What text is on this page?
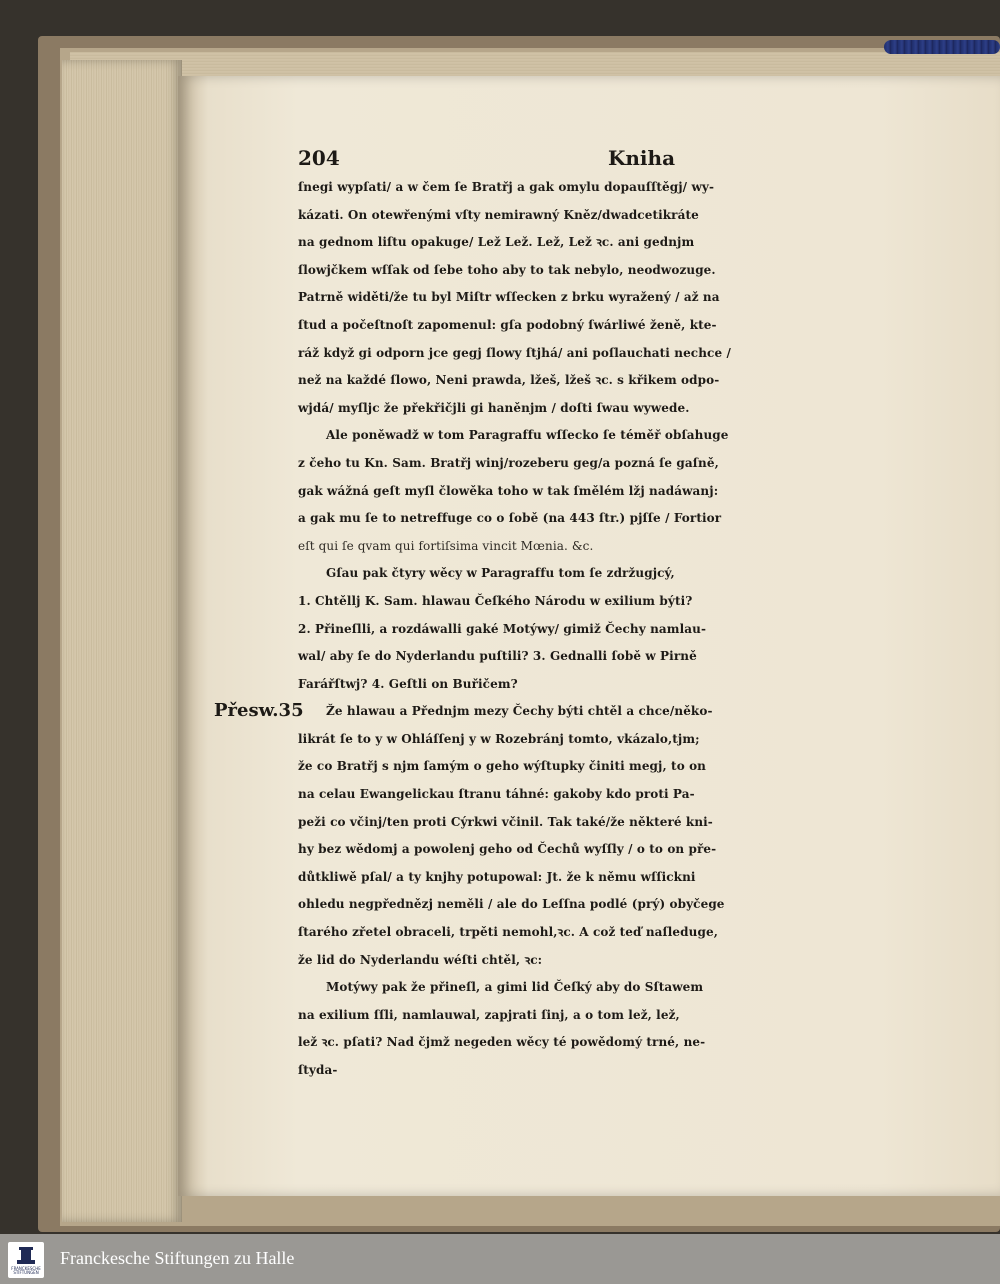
204	Kniha
ſnegi wypſati/ a w čem ſe Bratřj a gak omylu dopauſſtěgj/ wy-
kázati. On otewřenými vſty nemirawný Kněz/dwadcetikráte
na gednom liſtu opakuge/ Lež Lež. Lež, Lež ꝛc. ani gednjm
ſlowjčkem wſſak od ſebe toho aby to tak nebylo, neodwozuge.
Patrně widěti/že tu byl Miſtr wſſecken z brku wyražený / až na
ſtud a počeſtnoſt zapomenul: gſa podobný ſwárliwé ženě, kte-
ráž když gi odporn jce gegj ſlowy ſtjhá/ ani poſlauchati nechce /
než na každé ſlowo, Neni prawda, lžeš, lžeš ꝛc. s křikem odpo-
wjdá/ myſljc že překřičjli gi haněnjm / doſti ſwau wywede.
Ale poněwadž w tom Paragraffu wſſecko ſe téměř obſahuge
z čeho tu Kn. Sam. Bratřj winj/rozeberu geg/a pozná ſe gaſně,
gak wážná geſt myſl člowěka toho w tak ſmělém lžj nadáwanj:
a gak mu ſe to netreffuge co o ſobě (na 443 ſtr.) pjſſe / Fortior
eſt qui ſe qvam qui fortiſsima vincit Mœnia. &c.
Gſau pak čtyry wěcy w Paragraffu tom ſe zdržugjcý,
1. Chtěllj K. Sam. hlawau Čeſkého Národu w exilium býti?
2. Přineſlli, a rozdáwalli gaké Motýwy/ gimiž Čechy namlau-
wal/ aby ſe do Nyderlandu puſtili? 3. Gednalli ſobě w Pirně
Farářſtwj? 4. Geſtli on Buřičem?
Že hlawau a Přednjm mezy Čechy býti chtěl a chce/něko-
likrát ſe to y w Ohláſſenj y w Rozebránj tomto, vkázalo,tjm;
že co Bratřj s njm ſamým o geho wýſtupky činiti megj, to on
na celau Ewangelickau ſtranu táhné: gakoby kdo proti Pa-
peži co včinj/ten proti Cýrkwi včinil. Tak také/že některé kni-
hy bez wědomj a powolenj geho od Čechů wyſſly / o to on pře-
důtkliwě pſal/ a ty knjhy potupowal: Jt. že k němu wſſickni
ohledu negpřednězj neměli / ale do Leſſna podlé (prý) obyčege
ſtarého zřetel obraceli, trpěti nemohl,ꝛc. A což teď naſleduge,
že lid do Nyderlandu wéſti chtěl, ꝛc:
Motýwy pak že přineſl, a gimi lid Čeſký aby do Sſtawem
na exilium ſſli, namlauwal, zapjrati ſinj, a o tom lež, lež,
lež ꝛc. pſati? Nad čjmž negeden wěcy té powědomý trné, ne-
ſtyda-
Přesw.35
FRANCKESCHE
STIFTUNGEN
Franckesche Stiftungen zu Halle
